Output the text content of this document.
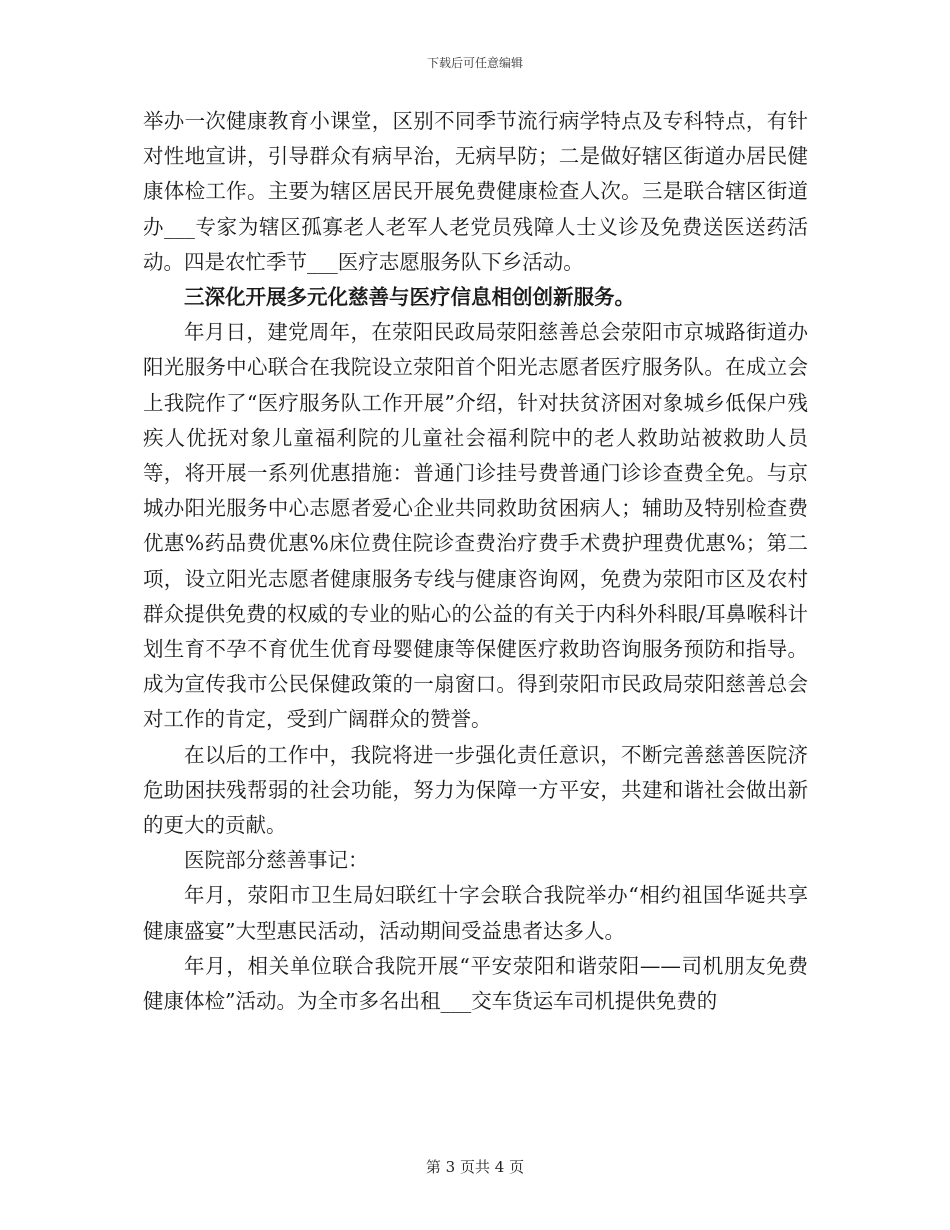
下载后可任意编辑

举办一次健康教育小课堂，区别不同季节流行病学特点及专科特点，有针对性地宣讲，引导群众有病早治，无病早防；二是做好辖区街道办居民健康体检工作。主要为辖区居民开展免费健康检查人次。三是联合辖区街道办___专家为辖区孤寡老人老军人老党员残障人士义诊及免费送医送药活动。四是农忙季节___医疗志愿服务队下乡活动。

三深化开展多元化慈善与医疗信息相创创新服务。

年月日，建党周年，在荥阳民政局荥阳慈善总会荥阳市京城路街道办阳光服务中心联合在我院设立荥阳首个阳光志愿者医疗服务队。在成立会上我院作了“医疗服务队工作开展”介绍，针对扶贫济困对象城乡低保户残疾人优抚对象儿童福利院的儿童社会福利院中的老人救助站被救助人员等，将开展一系列优惠措施：普通门诊挂号费普通门诊诊查费全免。与京城办阳光服务中心志愿者爱心企业共同救助贫困病人；辅助及特别检查费优惠%药品费优惠%床位费住院诊查费治疗费手术费护理费优惠%；第二项，设立阳光志愿者健康服务专线与健康咨询网，免费为荥阳市区及农村群众提供免费的权威的专业的贴心的公益的有关于内科外科眼/耳鼻喉科计划生育不孕不育优生优育母婴健康等保健医疗救助咨询服务预防和指导。成为宣传我市公民保健政策的一扇窗口。得到荥阳市民政局荥阳慈善总会对工作的肯定，受到广阔群众的赞誉。

在以后的工作中，我院将进一步强化责任意识，不断完善慈善医院济危助困扶残帮弱的社会功能，努力为保障一方平安，共建和谐社会做出新的更大的贡献。

医院部分慈善事记：

年月，荥阳市卫生局妇联红十字会联合我院举办“相约祖国华诞共享健康盛宴”大型惠民活动，活动期间受益患者达多人。

年月，相关单位联合我院开展“平安荥阳和谐荥阳——司机朋友免费健康体检”活动。为全市多名出租___交车货运车司机提供免费的

第 3 页共 4 页
